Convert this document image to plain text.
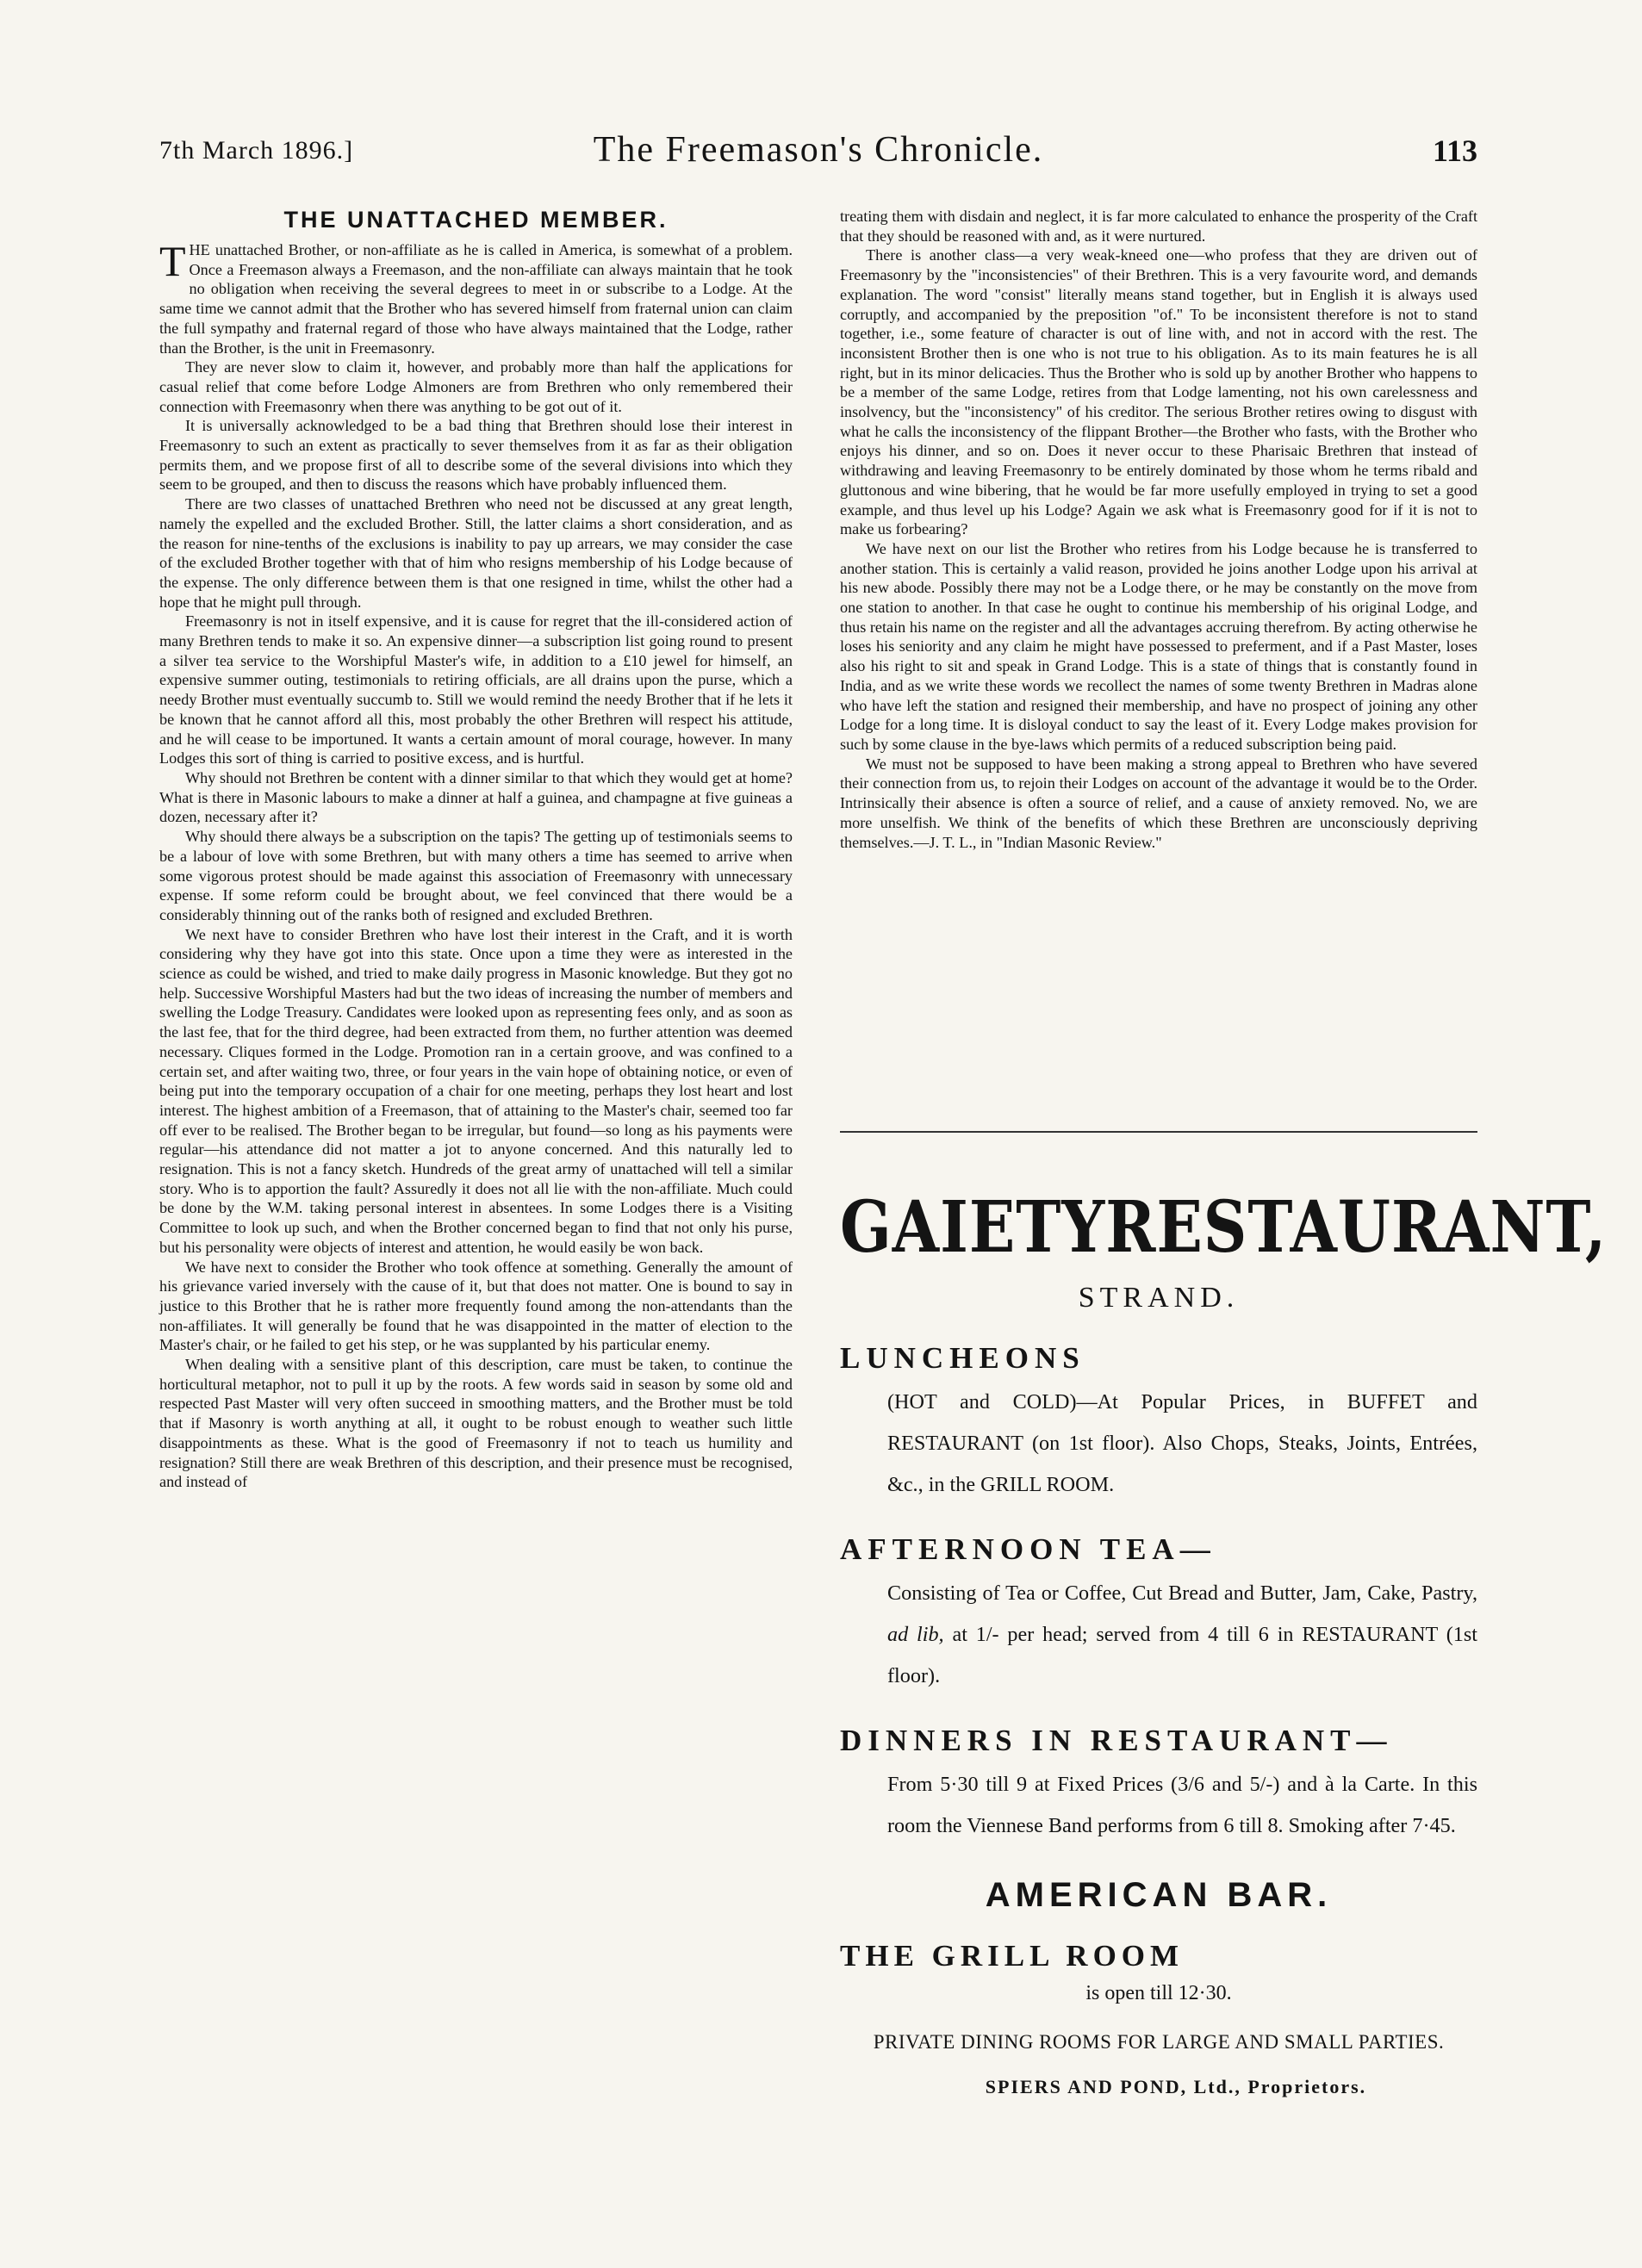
7th March 1896.]	The Freemason's Chronicle.	113
THE UNATTACHED MEMBER.

THE unattached Brother, or non-affiliate as he is called in America, is somewhat of a problem. Once a Freemason always a Freemason, and the non-affiliate can always maintain that he took no obligation when receiving the several degrees to meet in or subscribe to a Lodge. At the same time we cannot admit that the Brother who has severed himself from fraternal union can claim the full sympathy and fraternal regard of those who have always maintained that the Lodge, rather than the Brother, is the unit in Freemasonry.

They are never slow to claim it, however, and probably more than half the applications for casual relief that come before Lodge Almoners are from Brethren who only remembered their connection with Freemasonry when there was anything to be got out of it.

It is universally acknowledged to be a bad thing that Brethren should lose their interest in Freemasonry to such an extent as practically to sever themselves from it as far as their obligation permits them, and we propose first of all to describe some of the several divisions into which they seem to be grouped, and then to discuss the reasons which have probably influenced them.

There are two classes of unattached Brethren who need not be discussed at any great length, namely the expelled and the excluded Brother. Still, the latter claims a short consideration, and as the reason for nine-tenths of the exclusions is inability to pay up arrears, we may consider the case of the excluded Brother together with that of him who resigns membership of his Lodge because of the expense. The only difference between them is that one resigned in time, whilst the other had a hope that he might pull through.

Freemasonry is not in itself expensive, and it is cause for regret that the ill-considered action of many Brethren tends to make it so. An expensive dinner—a subscription list going round to present a silver tea service to the Worshipful Master's wife, in addition to a £10 jewel for himself, an expensive summer outing, testimonials to retiring officials, are all drains upon the purse, which a needy Brother must eventually succumb to. Still we would remind the needy Brother that if he lets it be known that he cannot afford all this, most probably the other Brethren will respect his attitude, and he will cease to be importuned. It wants a certain amount of moral courage, however. In many Lodges this sort of thing is carried to positive excess, and is hurtful.

Why should not Brethren be content with a dinner similar to that which they would get at home? What is there in Masonic labours to make a dinner at half a guinea, and champagne at five guineas a dozen, necessary after it?

Why should there always be a subscription on the tapis? The getting up of testimonials seems to be a labour of love with some Brethren, but with many others a time has seemed to arrive when some vigorous protest should be made against this association of Freemasonry with unnecessary expense. If some reform could be brought about, we feel convinced that there would be a considerably thinning out of the ranks both of resigned and excluded Brethren.

We next have to consider Brethren who have lost their interest in the Craft, and it is worth considering why they have got into this state. Once upon a time they were as interested in the science as could be wished, and tried to make daily progress in Masonic knowledge. But they got no help. Successive Worshipful Masters had but the two ideas of increasing the number of members and swelling the Lodge Treasury. Candidates were looked upon as representing fees only, and as soon as the last fee, that for the third degree, had been extracted from them, no further attention was deemed necessary. Cliques formed in the Lodge. Promotion ran in a certain groove, and was confined to a certain set, and after waiting two, three, or four years in the vain hope of obtaining notice, or even of being put into the temporary occupation of a chair for one meeting, perhaps they lost heart and lost interest. The highest ambition of a Freemason, that of attaining to the Master's chair, seemed too far off ever to be realised. The Brother began to be irregular, but found—so long as his payments were regular—his attendance did not matter a jot to anyone concerned. And this naturally led to resignation. This is not a fancy sketch. Hundreds of the great army of unattached will tell a similar story. Who is to apportion the fault? Assuredly it does not all lie with the non-affiliate. Much could be done by the W.M. taking personal interest in absentees. In some Lodges there is a Visiting Committee to look up such, and when the Brother concerned began to find that not only his purse, but his personality were objects of interest and attention, he would easily be won back.

We have next to consider the Brother who took offence at something. Generally the amount of his grievance varied inversely with the cause of it, but that does not matter. One is bound to say in justice to this Brother that he is rather more frequently found among the non-attendants than the non-affiliates. It will generally be found that he was disappointed in the matter of election to the Master's chair, or he failed to get his step, or he was supplanted by his particular enemy.

When dealing with a sensitive plant of this description, care must be taken, to continue the horticultural metaphor, not to pull it up by the roots. A few words said in season by some old and respected Past Master will very often succeed in smoothing matters, and the Brother must be told that if Masonry is worth anything at all, it ought to be robust enough to weather such little disappointments as these. What is the good of Freemasonry if not to teach us humility and resignation? Still there are weak Brethren of this description, and their presence must be recognised, and instead of

treating them with disdain and neglect, it is far more calculated to enhance the prosperity of the Craft that they should be reasoned with and, as it were nurtured.

There is another class—a very weak-kneed one—who profess that they are driven out of Freemasonry by the "inconsistencies" of their Brethren. This is a very favourite word, and demands explanation. The word "consist" literally means stand together, but in English it is always used corruptly, and accompanied by the preposition "of." To be inconsistent therefore is not to stand together, i.e., some feature of character is out of line with, and not in accord with the rest. The inconsistent Brother then is one who is not true to his obligation. As to its main features he is all right, but in its minor delicacies. Thus the Brother who is sold up by another Brother who happens to be a member of the same Lodge, retires from that Lodge lamenting, not his own carelessness and insolvency, but the "inconsistency" of his creditor. The serious Brother retires owing to disgust with what he calls the inconsistency of the flippant Brother—the Brother who fasts, with the Brother who enjoys his dinner, and so on. Does it never occur to these Pharisaic Brethren that instead of withdrawing and leaving Freemasonry to be entirely dominated by those whom he terms ribald and gluttonous and wine bibering, that he would be far more usefully employed in trying to set a good example, and thus level up his Lodge? Again we ask what is Freemasonry good for if it is not to make us forbearing?

We have next on our list the Brother who retires from his Lodge because he is transferred to another station. This is certainly a valid reason, provided he joins another Lodge upon his arrival at his new abode. Possibly there may not be a Lodge there, or he may be constantly on the move from one station to another. In that case he ought to continue his membership of his original Lodge, and thus retain his name on the register and all the advantages accruing therefrom. By acting otherwise he loses his seniority and any claim he might have possessed to preferment, and if a Past Master, loses also his right to sit and speak in Grand Lodge. This is a state of things that is constantly found in India, and as we write these words we recollect the names of some twenty Brethren in Madras alone who have left the station and resigned their membership, and have no prospect of joining any other Lodge for a long time. It is disloyal conduct to say the least of it. Every Lodge makes provision for such by some clause in the bye-laws which permits of a reduced subscription being paid.

We must not be supposed to have been making a strong appeal to Brethren who have severed their connection from us, to rejoin their Lodges on account of the advantage it would be to the Order. Intrinsically their absence is often a source of relief, and a cause of anxiety removed. No, we are more unselfish. We think of the benefits of which these Brethren are unconsciously depriving themselves.—J. T. L., in "Indian Masonic Review."

GAIETY RESTAURANT,
STRAND.
LUNCHEONS
(HOT and COLD)—At Popular Prices, in BUFFET and RESTAURANT (on 1st floor). Also Chops, Steaks, Joints, Entrées, &c., in the GRILL ROOM.
AFTERNOON TEA—
Consisting of Tea or Coffee, Cut Bread and Butter, Jam, Cake, Pastry, ad lib, at 1/- per head; served from 4 till 6 in RESTAURANT (1st floor).
DINNERS IN RESTAURANT—
From 5·30 till 9 at Fixed Prices (3/6 and 5/-) and à la Carte. In this room the Viennese Band performs from 6 till 8. Smoking after 7·45.
AMERICAN BAR.
THE GRILL ROOM
is open till 12·30.
PRIVATE DINING ROOMS FOR LARGE AND SMALL PARTIES.
SPIERS AND POND, Ltd., Proprietors.
